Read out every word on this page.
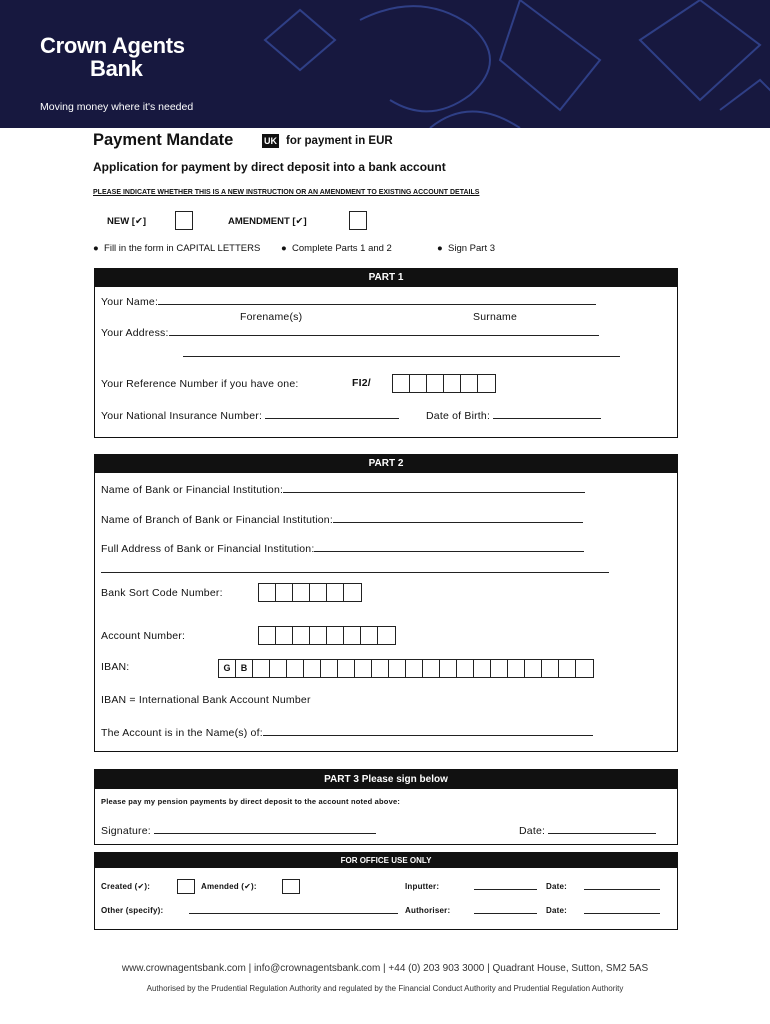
Crown Agents
Bank
Moving money where it's needed
Payment Mandate	UK for payment in EUR
Application for payment by direct deposit into a bank account
PLEASE INDICATE WHETHER THIS IS A NEW INSTRUCTION OR AN AMENDMENT TO EXISTING ACCOUNT DETAILS
NEW [✔]	AMENDMENT [✔]
●  Fill in the form in CAPITAL LETTERS ●  Complete Parts 1 and 2	●  Sign Part 3
PART 1
Your Name:
Forename(s)	Surname
Your Address:
Your Reference Number if you have one:	FI2/
Your National Insurance Number:	Date of Birth:
PART 2
Name of Bank or Financial Institution:
Name of Branch of Bank or Financial Institution:
Full Address of Bank or Financial Institution:
Bank Sort Code Number:
Account Number:
IBAN:	G	B
IBAN = International Bank Account Number
The Account is in the Name(s) of:
PART 3 Please sign below
Please pay my pension payments by direct deposit to the account noted above:
Signature:	Date:
FOR OFFICE USE ONLY
Created (✔):	Amended (✔):	Inputter:	Date:
Other (specify):	Authoriser:	Date:
www.crownagentsbank.com | info@crownagentsbank.com | +44 (0) 203 903 3000 | Quadrant House, Sutton, SM2 5AS
Authorised by the Prudential Regulation Authority and regulated by the Financial Conduct Authority and Prudential Regulation Authority
